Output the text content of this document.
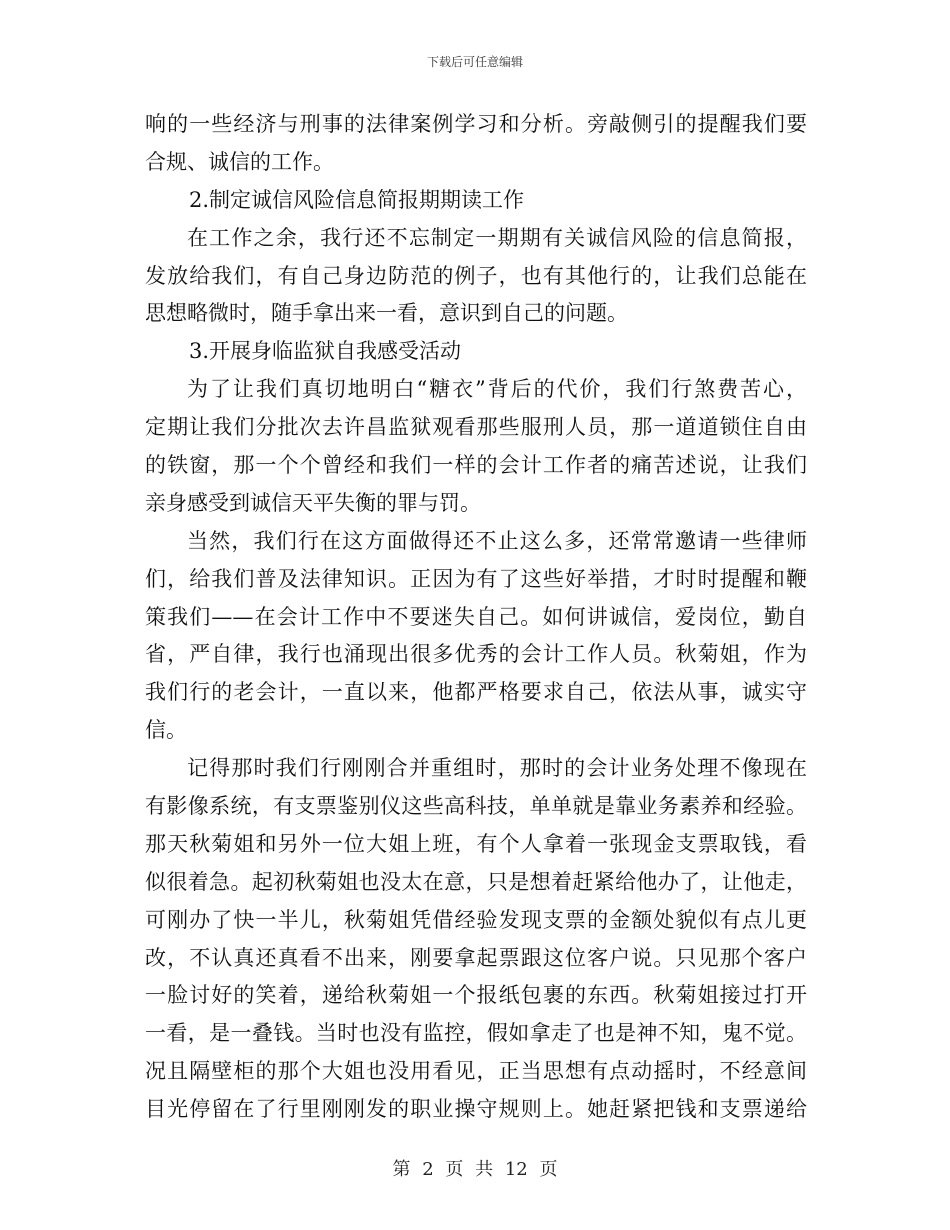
下载后可任意编辑
响的一些经济与刑事的法律案例学习和分析。旁敲侧引的提醒我们要
合规、诚信的工作。
2.制定诚信风险信息简报期期读工作
在工作之余，我行还不忘制定一期期有关诚信风险的信息简报，
发放给我们，有自己身边防范的例子，也有其他行的，让我们总能在
思想略微时，随手拿出来一看，意识到自己的问题。
3.开展身临监狱自我感受活动
为了让我们真切地明白“糖衣”背后的代价，我们行煞费苦心，
定期让我们分批次去许昌监狱观看那些服刑人员，那一道道锁住自由
的铁窗，那一个个曾经和我们一样的会计工作者的痛苦述说，让我们
亲身感受到诚信天平失衡的罪与罚。
当然，我们行在这方面做得还不止这么多，还常常邀请一些律师
们，给我们普及法律知识。正因为有了这些好举措，才时时提醒和鞭
策我们——在会计工作中不要迷失自己。如何讲诚信，爱岗位，勤自
省，严自律，我行也涌现出很多优秀的会计工作人员。秋菊姐，作为
我们行的老会计，一直以来，他都严格要求自己，依法从事，诚实守
信。
记得那时我们行刚刚合并重组时，那时的会计业务处理不像现在
有影像系统，有支票鉴别仪这些高科技，单单就是靠业务素养和经验。
那天秋菊姐和另外一位大姐上班，有个人拿着一张现金支票取钱，看
似很着急。起初秋菊姐也没太在意，只是想着赶紧给他办了，让他走，
可刚办了快一半儿，秋菊姐凭借经验发现支票的金额处貌似有点儿更
改，不认真还真看不出来，刚要拿起票跟这位客户说。只见那个客户
一脸讨好的笑着，递给秋菊姐一个报纸包裹的东西。秋菊姐接过打开
一看，是一叠钱。当时也没有监控，假如拿走了也是神不知，鬼不觉。
况且隔壁柜的那个大姐也没用看见，正当思想有点动摇时，不经意间
目光停留在了行里刚刚发的职业操守规则上。她赶紧把钱和支票递给
第 2 页 共 12 页
